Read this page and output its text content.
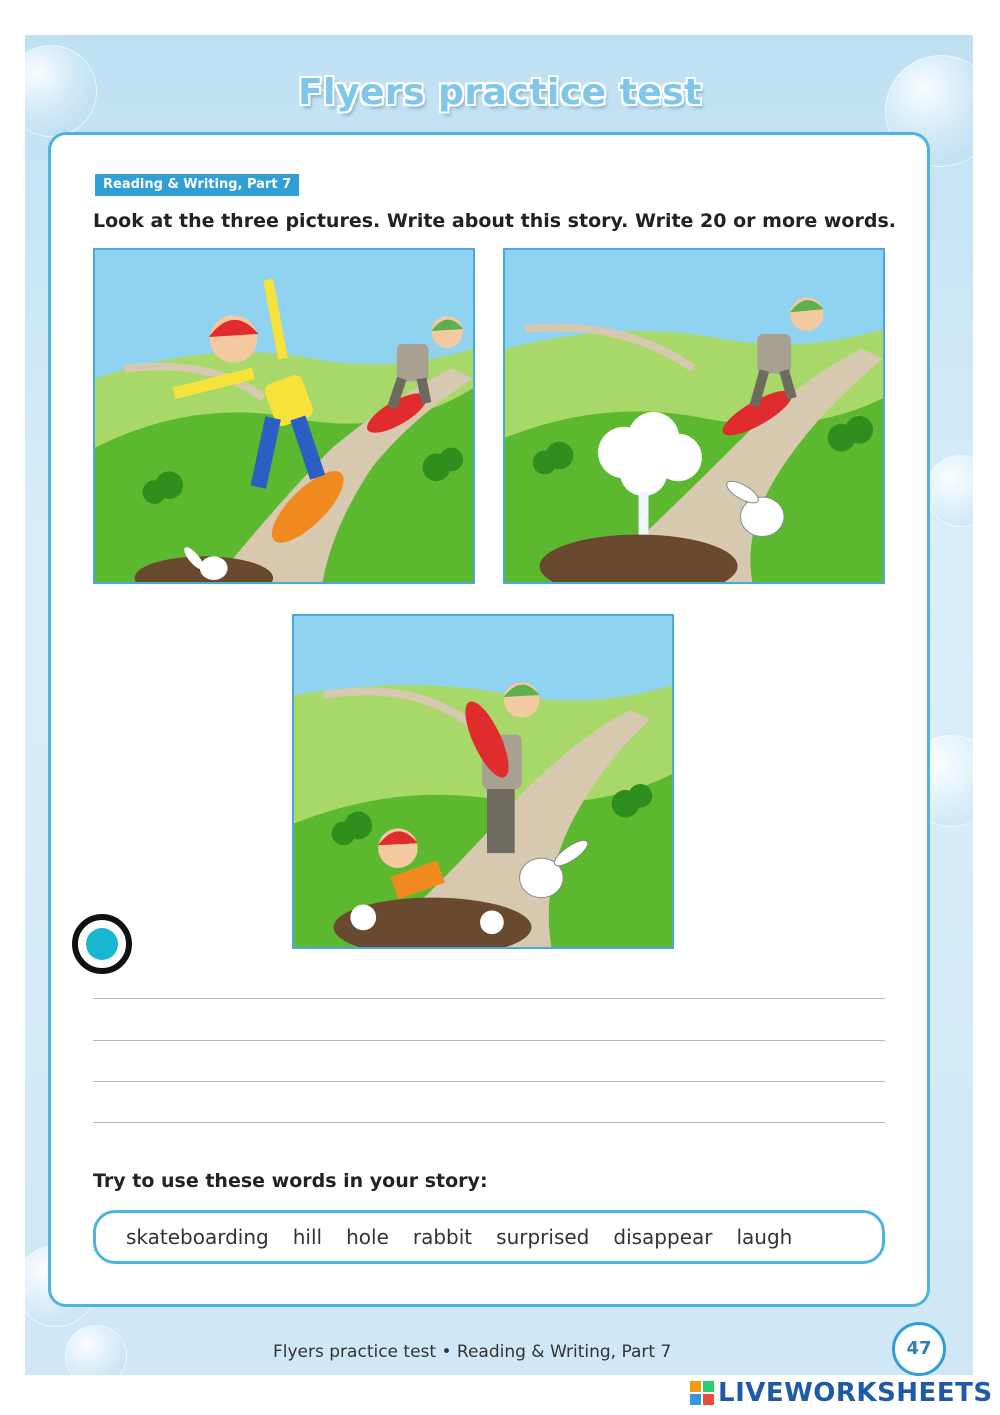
Flyers practice test
Reading & Writing, Part 7
Look at the three pictures. Write about this story. Write 20 or more words.
Try to use these words in your story:
skateboarding hill hole rabbit surprised disappear laugh
Flyers practice test • Reading & Writing, Part 7	47
LIVEWORKSHEETS
